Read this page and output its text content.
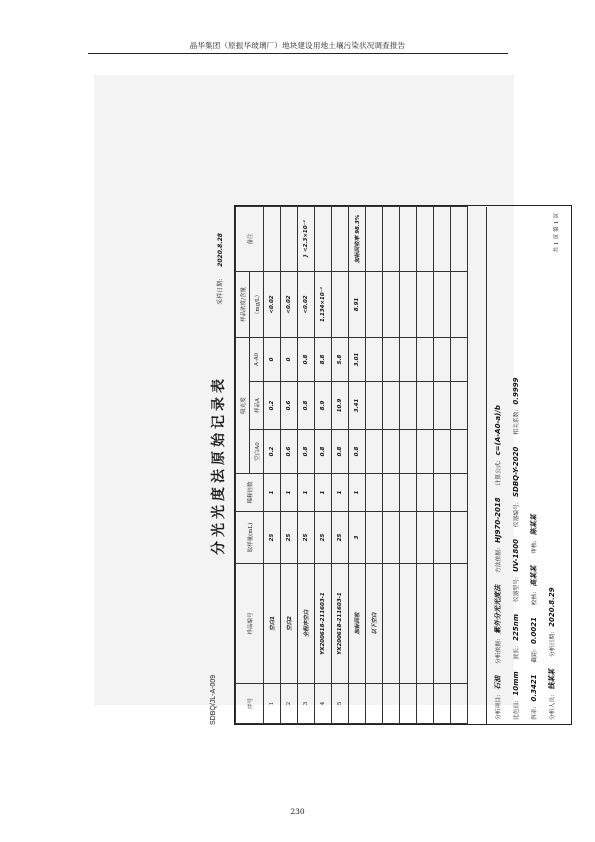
晶华集团（原振华玻璃厂）地块建设用地土壤污染状况调查报告
SDBQ/JL-A-009
分光光度法原始记录表
采样日期: 2020.8.28
序号	样品编号	取样量(mL)	稀释倍数	吸光度			样品浓度/含量	备注
				空白A0	样品A	A-A0	（mg/L）	
1	空白1	25	1	0.2	0.2	0	<0.02	
2	空白2	25	1	0.6	0.6	0	<0.02	
3	全程序空白	25	1	0.8	0.8	0.8	<0.02	} <2.3×10⁻⁴
4	YX200618-211603-1	25	1	0.8	8.9	8.8	1.134×10⁻⁴	
5	YX200618-211603-1	25	1	0.8	10.9	5.8		
	加标回收	3	1	0.8	3.41	3.01	8.91	加标回收率 98.3%
	以下空白							

分析项目:石油 分析依据:紫外分光光度法 方法依据:HJ970-2018 计算公式:c=(A-A0-a)/b
比色皿:10mm 波长:225nm 仪器型号:UV-1800 仪器编号:SDBQ-Y-2020 相关系数:0.9999
斜率:0.3421 截距:0.0021 校核:高某某 审核:陈某某
分析人员:钱某某 分析日期:2020.8.29
共 1 页 第 1 页
230
